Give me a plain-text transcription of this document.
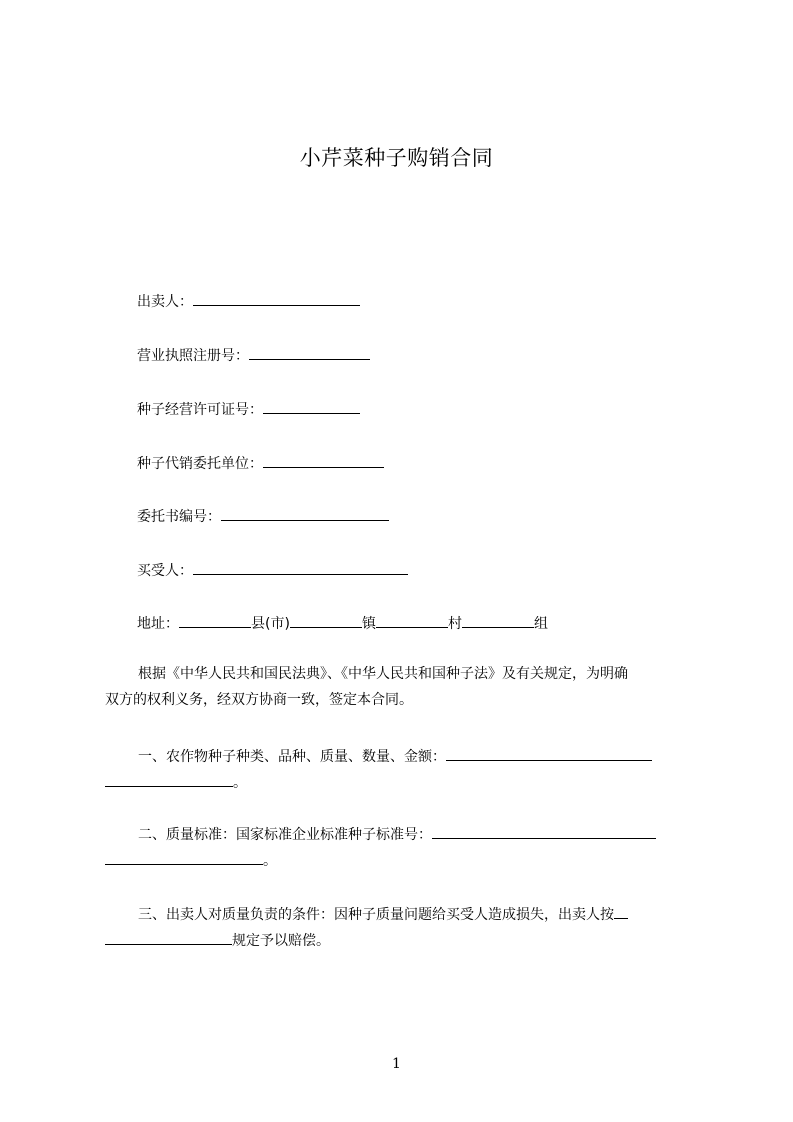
小芹菜种子购销合同
出卖人：
营业执照注册号：
种子经营许可证号：
种子代销委托单位：
委托书编号：
买受人：
地址：	县(市)	镇	村	组
根据《中华人民共和国民法典》、《中华人民共和国种子法》及有关规定，为明确
双方的权利义务，经双方协商一致，签定本合同。
一、农作物种子种类、品种、质量、数量、金额：
。
二、质量标准：国家标准企业标准种子标准号：
。
三、出卖人对质量负责的条件：因种子质量问题给买受人造成损失，出卖人按
规定予以赔偿。
1
